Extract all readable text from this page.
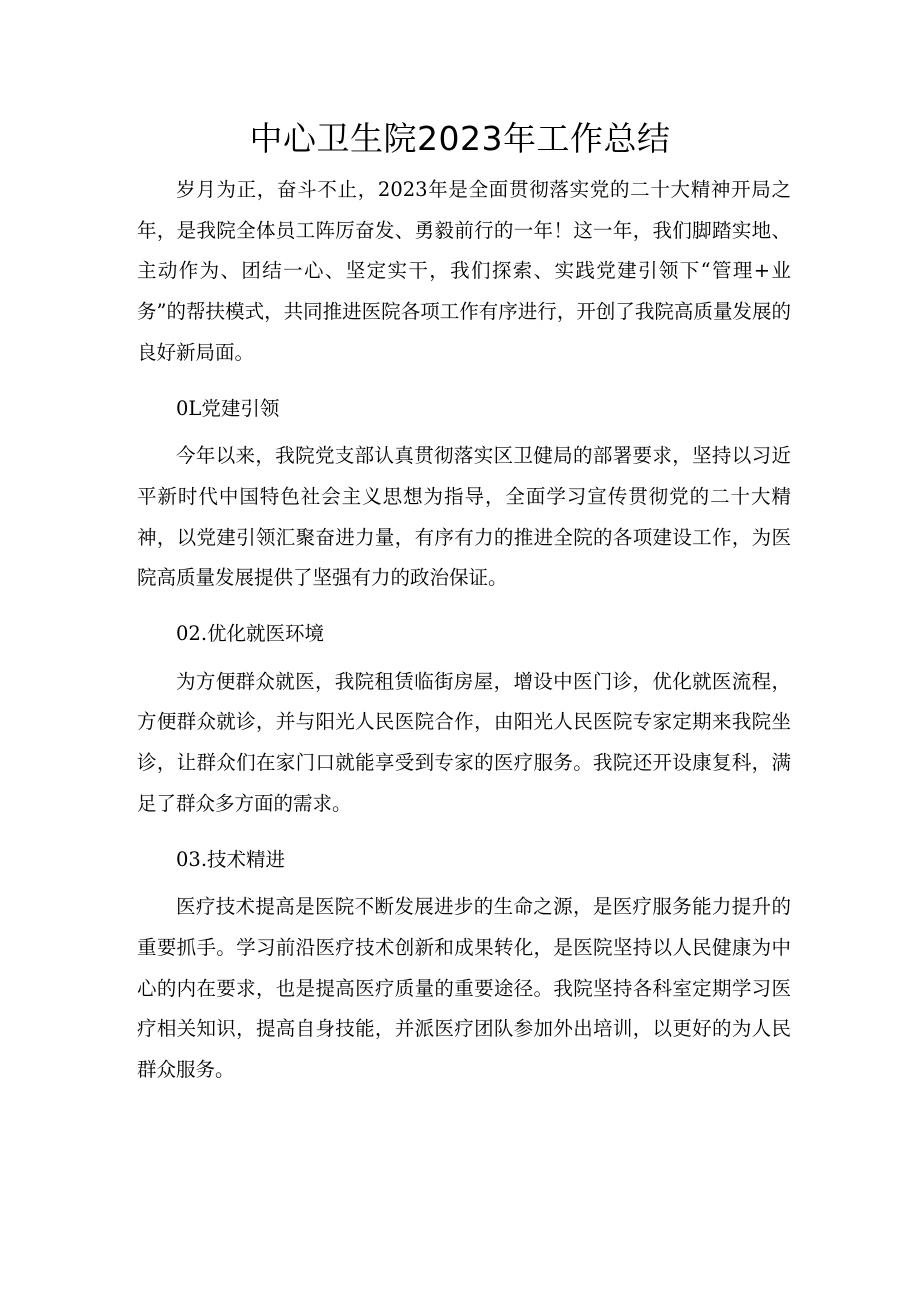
中心卫生院2023年工作总结

岁月为正，奋斗不止，2023年是全面贯彻落实党的二十大精神开局之年，是我院全体员工阵厉奋发、勇毅前行的一年！这一年，我们脚踏实地、主动作为、团结一心、坚定实干，我们探索、实践党建引领下“管理+业务”的帮扶模式，共同推进医院各项工作有序进行，开创了我院高质量发展的良好新局面。

0L党建引领

今年以来，我院党支部认真贯彻落实区卫健局的部署要求，坚持以习近平新时代中国特色社会主义思想为指导，全面学习宣传贯彻党的二十大精神，以党建引领汇聚奋进力量，有序有力的推进全院的各项建设工作，为医院高质量发展提供了坚强有力的政治保证。

02.优化就医环境

为方便群众就医，我院租赁临街房屋，增设中医门诊，优化就医流程，方便群众就诊，并与阳光人民医院合作，由阳光人民医院专家定期来我院坐诊，让群众们在家门口就能享受到专家的医疗服务。我院还开设康复科，满足了群众多方面的需求。

03.技术精进

医疗技术提高是医院不断发展进步的生命之源，是医疗服务能力提升的重要抓手。学习前沿医疗技术创新和成果转化，是医院坚持以人民健康为中心的内在要求，也是提高医疗质量的重要途径。我院坚持各科室定期学习医疗相关知识，提高自身技能，并派医疗团队参加外出培训，以更好的为人民群众服务。
